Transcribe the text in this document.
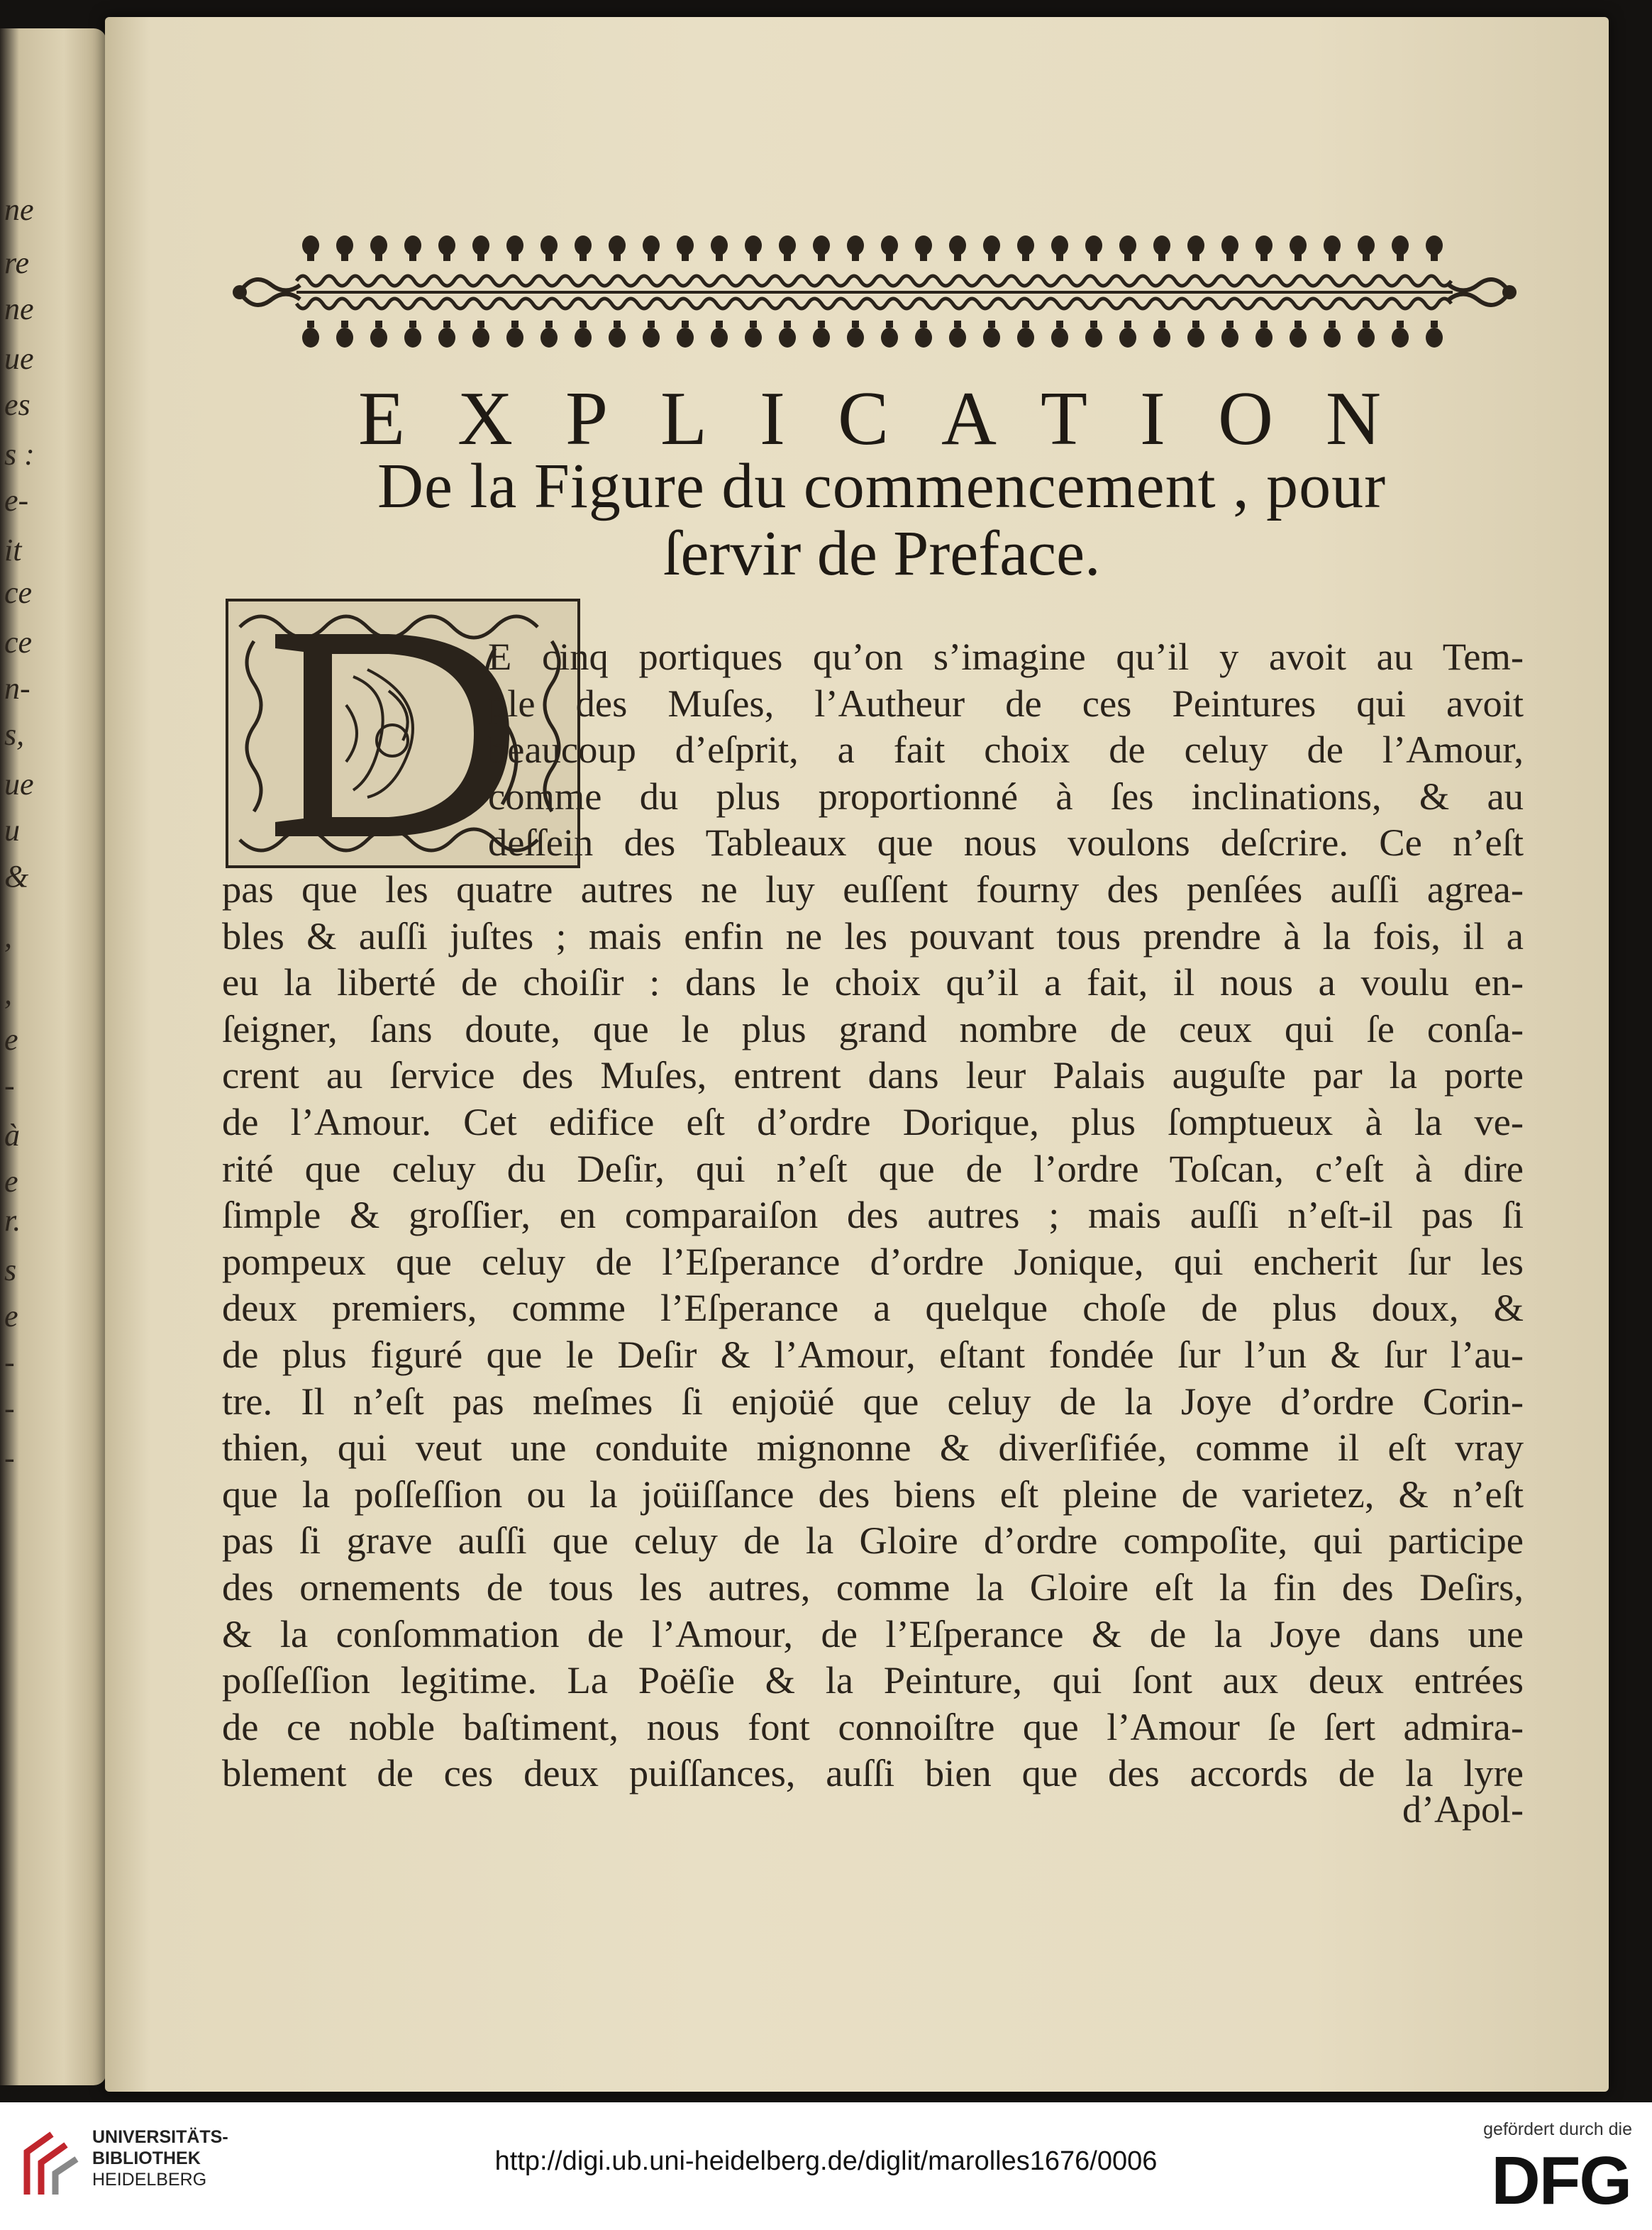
ne
re
ne
ue
es
s :
e-
it
ce
ce
n-
s,
ue
u
&
,
,
e
-
à
e
r.
s
e
-
-
-
EXPLICATION
De la Figure du commencement , pour
ſervir de Preface.
E cinq portiques qu’on s’imagine qu’il y avoit au Tem-
ple des Muſes, l’Autheur de ces Peintures qui avoit
beaucoup d’eſprit, a fait choix de celuy de l’Amour,
comme du plus proportionné à ſes inclinations, & au
deſſein des Tableaux que nous voulons deſcrire. Ce n’eſt
pas que les quatre autres ne luy euſſent fourny des penſées auſſi agrea-
bles & auſſi juſtes ; mais enfin ne les pouvant tous prendre à la fois, il a
eu la liberté de choiſir : dans le choix qu’il a fait, il nous a voulu en-
ſeigner, ſans doute, que le plus grand nombre de ceux qui ſe conſa-
crent au ſervice des Muſes, entrent dans leur Palais auguſte par la porte
de l’Amour. Cet edifice eſt d’ordre Dorique, plus ſomptueux à la ve-
rité que celuy du Deſir, qui n’eſt que de l’ordre Toſcan, c’eſt à dire
ſimple & groſſier, en comparaiſon des autres ; mais auſſi n’eſt-il pas ſi
pompeux que celuy de l’Eſperance d’ordre Jonique, qui encherit ſur les
deux premiers, comme l’Eſperance a quelque choſe de plus doux, &
de plus figuré que le Deſir & l’Amour, eſtant fondée ſur l’un & ſur l’au-
tre. Il n’eſt pas meſmes ſi enjoüé que celuy de la Joye d’ordre Corin-
thien, qui veut une conduite mignonne & diverſifiée, comme il eſt vray
que la poſſeſſion ou la joüiſſance des biens eſt pleine de varietez, & n’eſt
pas ſi grave auſſi que celuy de la Gloire d’ordre compoſite, qui participe
des ornements de tous les autres, comme la Gloire eſt la fin des Deſirs,
& la conſommation de l’Amour, de l’Eſperance & de la Joye dans une
poſſeſſion legitime. La Poëſie & la Peinture, qui ſont aux deux entrées
de ce noble baſtiment, nous font connoiſtre que l’Amour ſe ſert admira-
blement de ces deux puiſſances, auſſi bien que des accords de la lyre
d’Apol-
UNIVERSITÄTS-
BIBLIOTHEK
HEIDELBERG
http://digi.ub.uni-heidelberg.de/diglit/marolles1676/0006
gefördert durch die
DFG
